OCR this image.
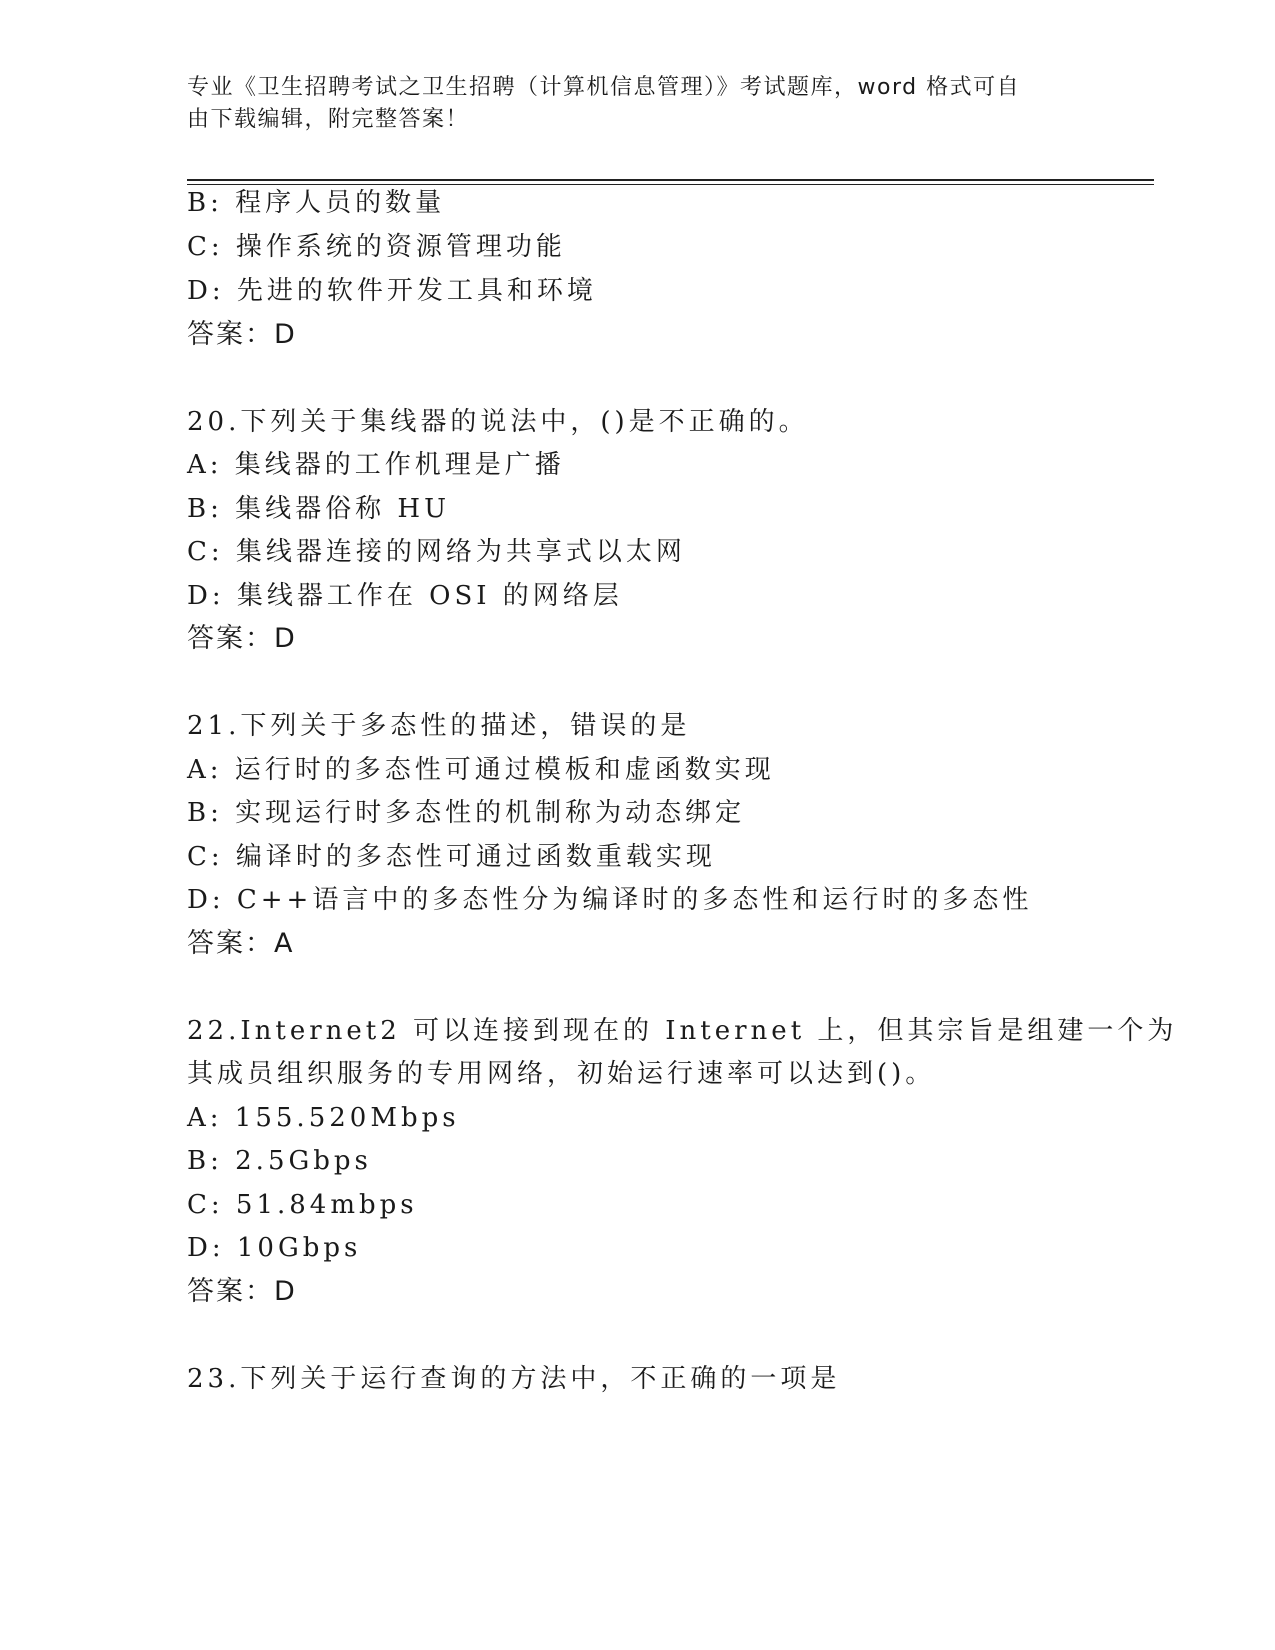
专业《卫生招聘考试之卫生招聘（计算机信息管理）》考试题库，word 格式可自
由下载编辑，附完整答案！
B: 程序人员的数量
C: 操作系统的资源管理功能
D: 先进的软件开发工具和环境
答案：D
20.下列关于集线器的说法中，()是不正确的。
A: 集线器的工作机理是广播
B: 集线器俗称 HU
C: 集线器连接的网络为共享式以太网
D: 集线器工作在 OSI 的网络层
答案：D
21.下列关于多态性的描述，错误的是
A: 运行时的多态性可通过模板和虚函数实现
B: 实现运行时多态性的机制称为动态绑定
C: 编译时的多态性可通过函数重载实现
D: C++语言中的多态性分为编译时的多态性和运行时的多态性
答案：A
22.Internet2 可以连接到现在的 Internet 上，但其宗旨是组建一个为
其成员组织服务的专用网络，初始运行速率可以达到()。
A: 155.520Mbps
B: 2.5Gbps
C: 51.84mbps
D: 10Gbps
答案：D
23.下列关于运行查询的方法中，不正确的一项是
